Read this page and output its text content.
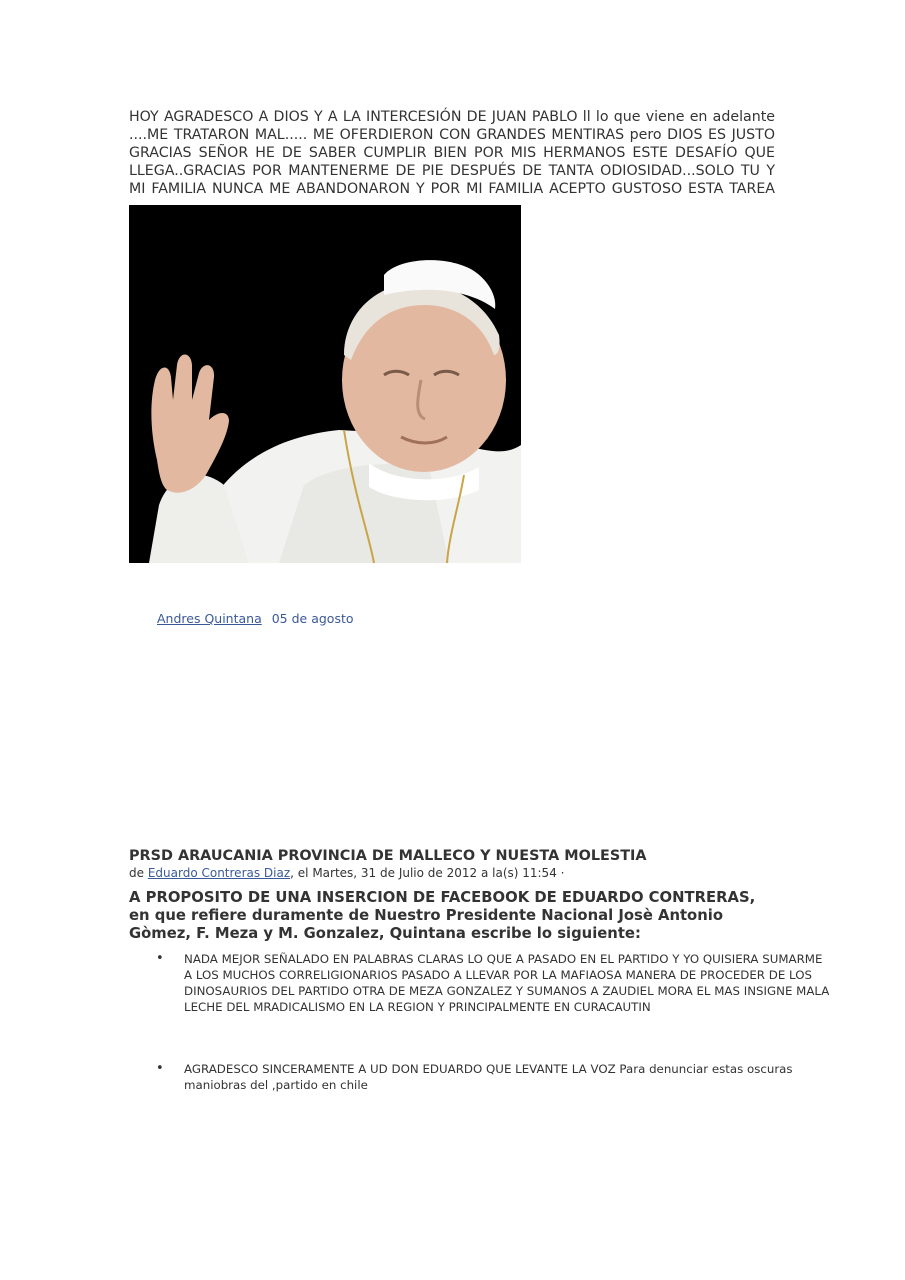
HOY AGRADESCO A DIOS Y A LA INTERCESIÓN DE JUAN PABLO ll lo que viene en adelante ....ME TRATARON MAL..... ME OFERDIERON CON GRANDES MENTIRAS pero DIOS ES JUSTO GRACIAS SEÑOR HE DE SABER CUMPLIR BIEN POR MIS HERMANOS ESTE DESAFÍO QUE LLEGA..GRACIAS POR MANTENERME DE PIE DESPUÉS DE TANTA ODIOSIDAD...SOLO TU Y MI FAMILIA NUNCA ME ABANDONARON Y POR MI FAMILIA ACEPTO GUSTOSO ESTA TAREA

Andres Quintana 05 de agosto
PRSD ARAUCANIA PROVINCIA DE MALLECO Y NUESTA MOLESTIA
de Eduardo Contreras Diaz, el Martes, 31 de Julio de 2012 a la(s) 11:54 ·

A PROPOSITO DE UNA INSERCION DE FACEBOOK DE EDUARDO CONTRERAS, en que refiere duramente de Nuestro Presidente Nacional Josè Antonio Gòmez, F. Meza y M. Gonzalez, Quintana escribe lo siguiente:

• NADA MEJOR SEÑALADO EN PALABRAS CLARAS LO QUE A PASADO EN EL PARTIDO Y YO QUISIERA SUMARME A LOS MUCHOS CORRELIGIONARIOS PASADO A LLEVAR POR LA MAFIAOSA MANERA DE PROCEDER DE LOS DINOSAURIOS DEL PARTIDO OTRA DE MEZA GONZALEZ Y SUMANOS A ZAUDIEL MORA EL MAS INSIGNE MALA LECHE DEL MRADICALISMO EN LA REGION Y PRINCIPALMENTE EN CURACAUTIN
• AGRADESCO SINCERAMENTE A UD DON EDUARDO QUE LEVANTE LA VOZ Para denunciar estas oscuras maniobras del ,partido en chile
